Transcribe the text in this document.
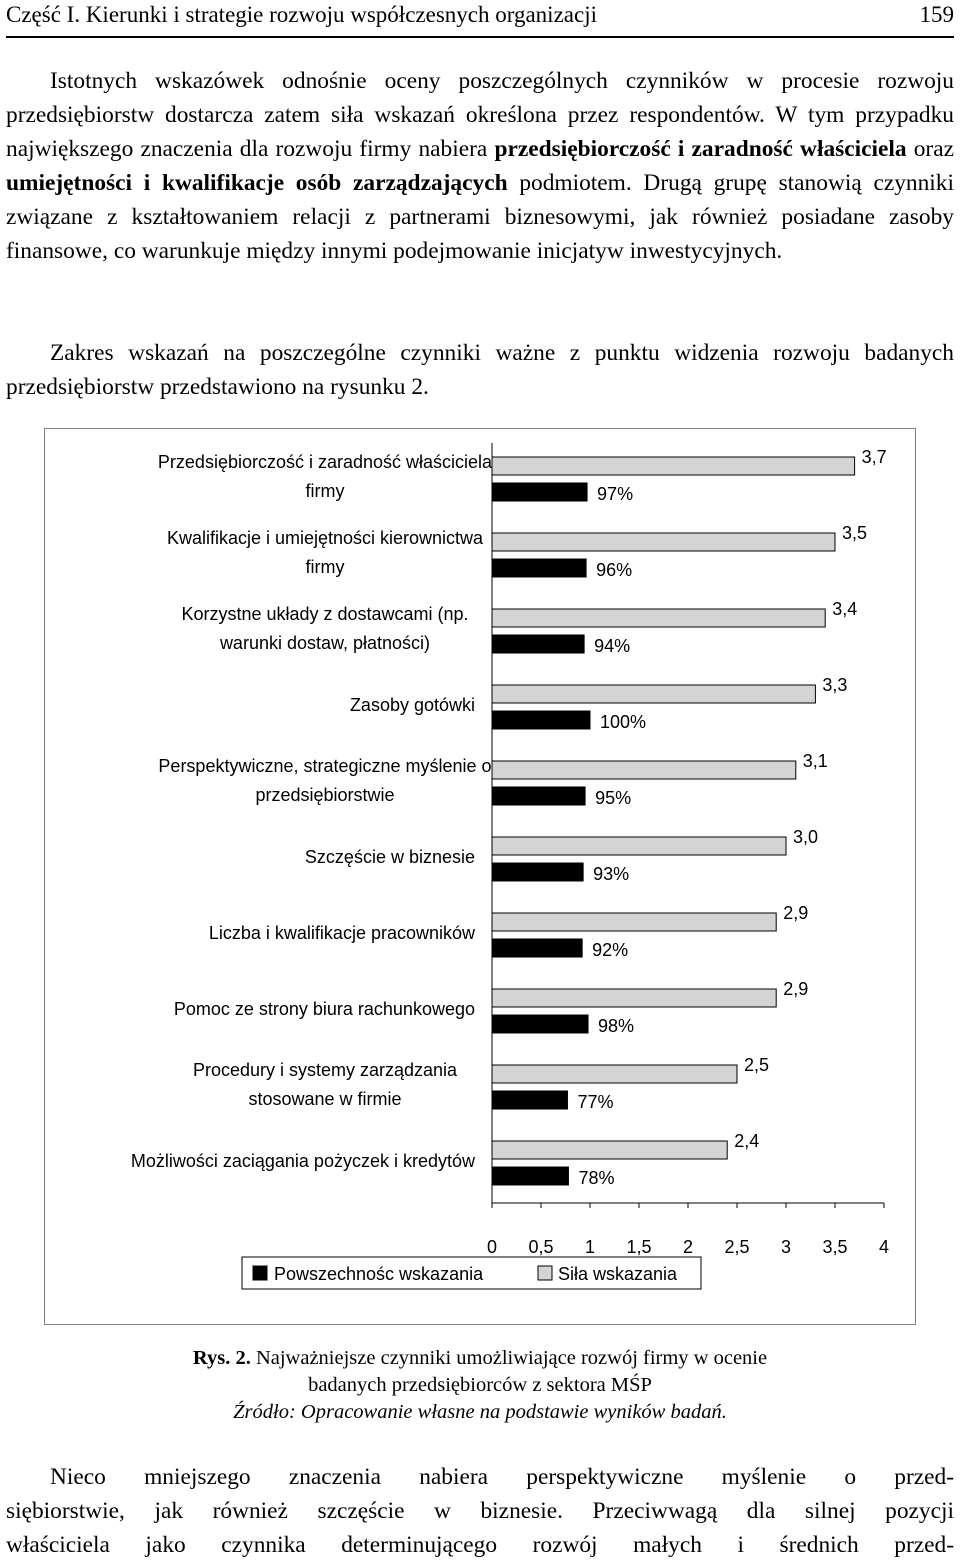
Część I. Kierunki i strategie rozwoju współczesnych organizacji	159

Istotnych wskazówek odnośnie oceny poszczególnych czynników w procesie rozwoju przedsiębiorstw dostarcza zatem siła wskazań określona przez respondentów. W tym przypadku największego znaczenia dla rozwoju firmy nabiera przedsiębiorczość i zaradność właściciela oraz umiejętności i kwalifikacje osób zarządzających podmiotem. Drugą grupę stanowią czynniki związane z kształtowaniem relacji z partnerami biznesowymi, jak również posiadane zasoby finansowe, co warunkuje między innymi podejmowanie inicjatyw inwestycyjnych.

Zakres wskazań na poszczególne czynniki ważne z punktu widzenia rozwoju badanych przedsiębiorstw przedstawiono na rysunku 2.

3,7
97%
Przedsiębiorczość i zaradność właściciela
firmy
3,5
96%
Kwalifikacje i umiejętności kierownictwa
firmy
3,4
94%
Korzystne układy z dostawcami (np.
warunki dostaw, płatności)
3,3
100%
Zasoby gotówki
3,1
95%
Perspektywiczne, strategiczne myślenie o
przedsiębiorstwie
3,0
93%
Szczęście w biznesie
2,9
92%
Liczba i kwalifikacje pracowników
2,9
98%
Pomoc ze strony biura rachunkowego
2,5
77%
Procedury i systemy zarządzania
stosowane w firmie
2,4
78%
Możliwości zaciągania pożyczek i kredytów
0 0,5 1 1,5 2 2,5 3 3,5 4
Powszechnośc wskazania	Siła wskazania
Rys. 2. Najważniejsze czynniki umożliwiające rozwój firmy w ocenie
badanych przedsiębiorców z sektora MŚP
Źródło: Opracowanie własne na podstawie wyników badań.
Nieco mniejszego znaczenia nabiera perspektywiczne myślenie o przed-
siębiorstwie, jak również szczęście w biznesie. Przeciwwagą dla silnej pozycji
właściciela jako czynnika determinującego rozwój małych i średnich przed-
